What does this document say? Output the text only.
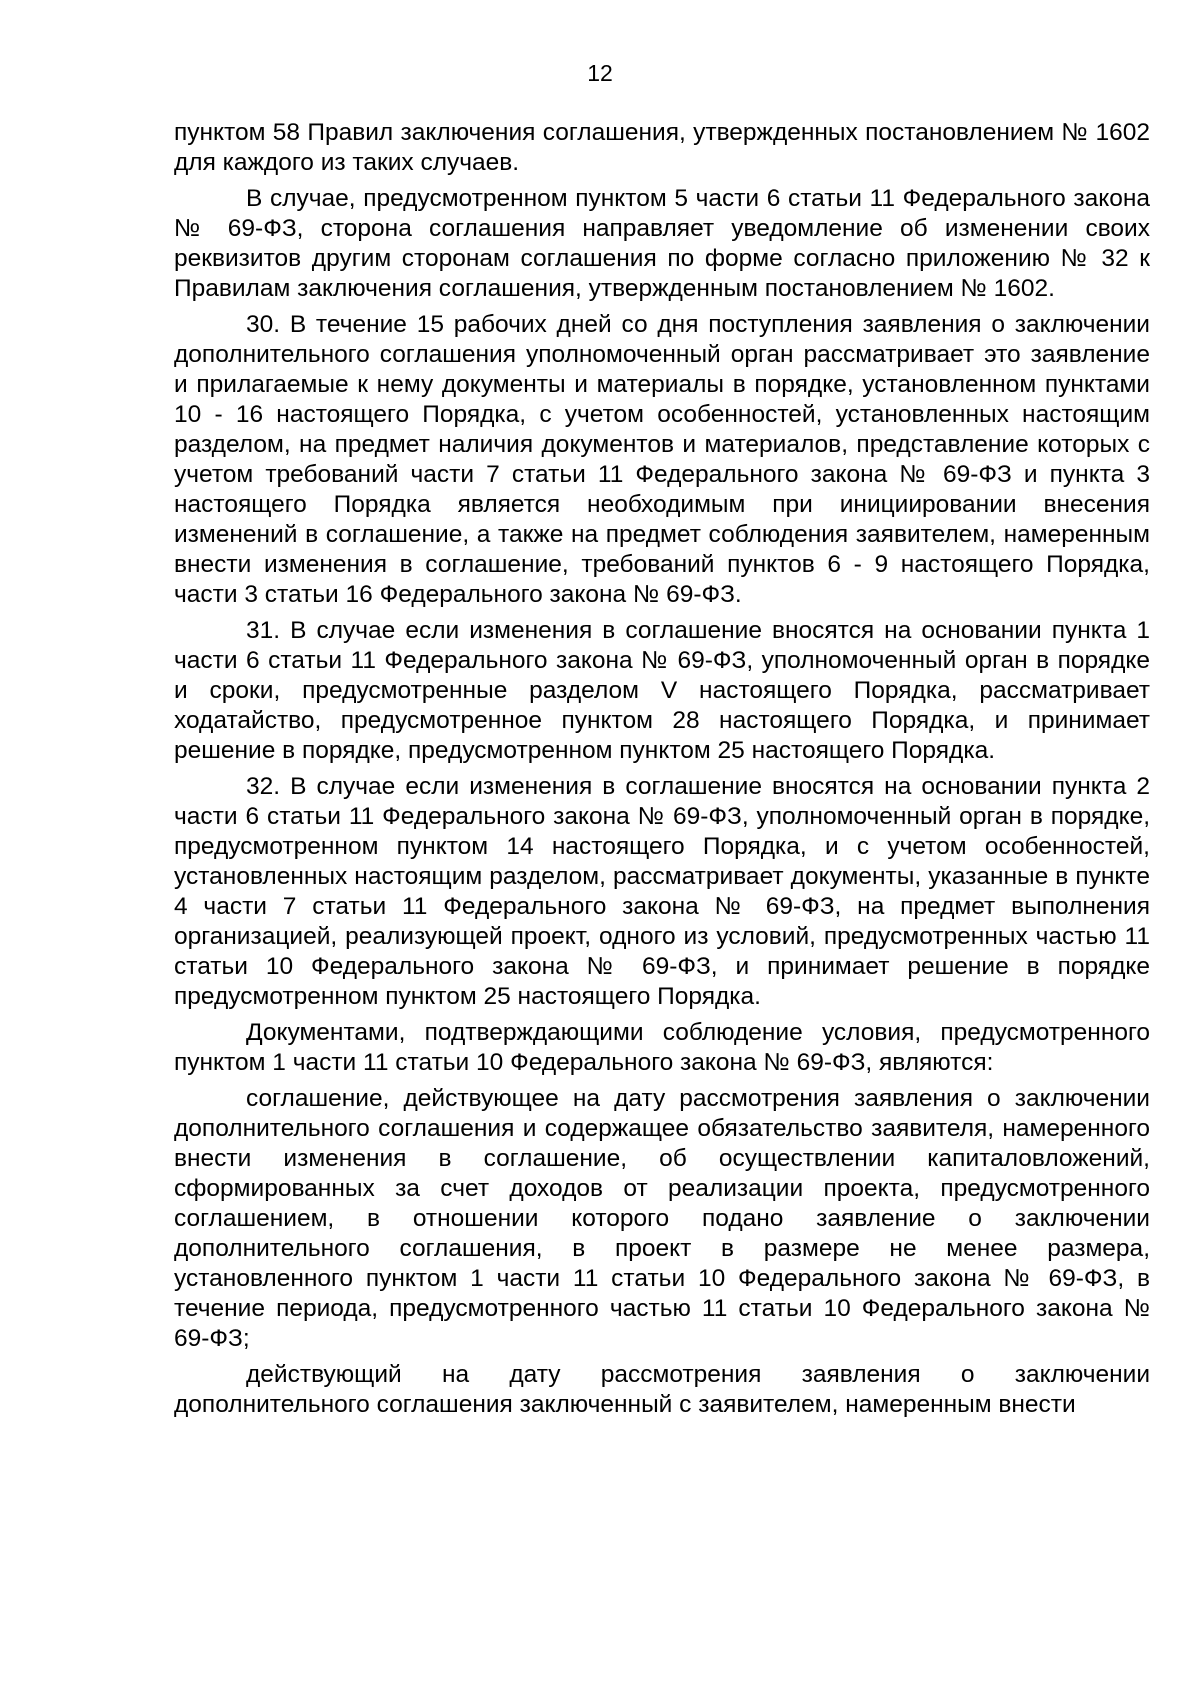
12

пунктом 58 Правил заключения соглашения, утвержденных постановлением № 1602 для каждого из таких случаев.

В случае, предусмотренном пунктом 5 части 6 статьи 11 Федерального закона № 69-ФЗ, сторона соглашения направляет уведомление об изменении своих реквизитов другим сторонам соглашения по форме согласно приложению № 32 к Правилам заключения соглашения, утвержденным постановлением № 1602.

30. В течение 15 рабочих дней со дня поступления заявления о заключении дополнительного соглашения уполномоченный орган рассматривает это заявление и прилагаемые к нему документы и материалы в порядке, установленном пунктами 10 - 16 настоящего Порядка, с учетом особенностей, установленных настоящим разделом, на предмет наличия документов и материалов, представление которых с учетом требований части 7 статьи 11 Федерального закона № 69-ФЗ и пункта 3 настоящего Порядка является необходимым при инициировании внесения изменений в соглашение, а также на предмет соблюдения заявителем, намеренным внести изменения в соглашение, требований пунктов 6 - 9 настоящего Порядка, части 3 статьи 16 Федерального закона № 69-ФЗ.

31. В случае если изменения в соглашение вносятся на основании пункта 1 части 6 статьи 11 Федерального закона № 69-ФЗ, уполномоченный орган в порядке и сроки, предусмотренные разделом V настоящего Порядка, рассматривает ходатайство, предусмотренное пунктом 28 настоящего Порядка, и принимает решение в порядке, предусмотренном пунктом 25 настоящего Порядка.

32. В случае если изменения в соглашение вносятся на основании пункта 2 части 6 статьи 11 Федерального закона № 69-ФЗ, уполномоченный орган в порядке, предусмотренном пунктом 14 настоящего Порядка, и с учетом особенностей, установленных настоящим разделом, рассматривает документы, указанные в пункте 4 части 7 статьи 11 Федерального закона № 69-ФЗ, на предмет выполнения организацией, реализующей проект, одного из условий, предусмотренных частью 11 статьи 10 Федерального закона № 69-ФЗ, и принимает решение в порядке предусмотренном пунктом 25 настоящего Порядка.

Документами, подтверждающими соблюдение условия, предусмотренного пунктом 1 части 11 статьи 10 Федерального закона № 69-ФЗ, являются:

соглашение, действующее на дату рассмотрения заявления о заключении дополнительного соглашения и содержащее обязательство заявителя, намеренного внести изменения в соглашение, об осуществлении капиталовложений, сформированных за счет доходов от реализации проекта, предусмотренного соглашением, в отношении которого подано заявление о заключении дополнительного соглашения, в проект в размере не менее размера, установленного пунктом 1 части 11 статьи 10 Федерального закона № 69-ФЗ, в течение периода, предусмотренного частью 11 статьи 10 Федерального закона № 69-ФЗ;

действующий на дату рассмотрения заявления о заключении дополнительного соглашения заключенный с заявителем, намеренным внести
